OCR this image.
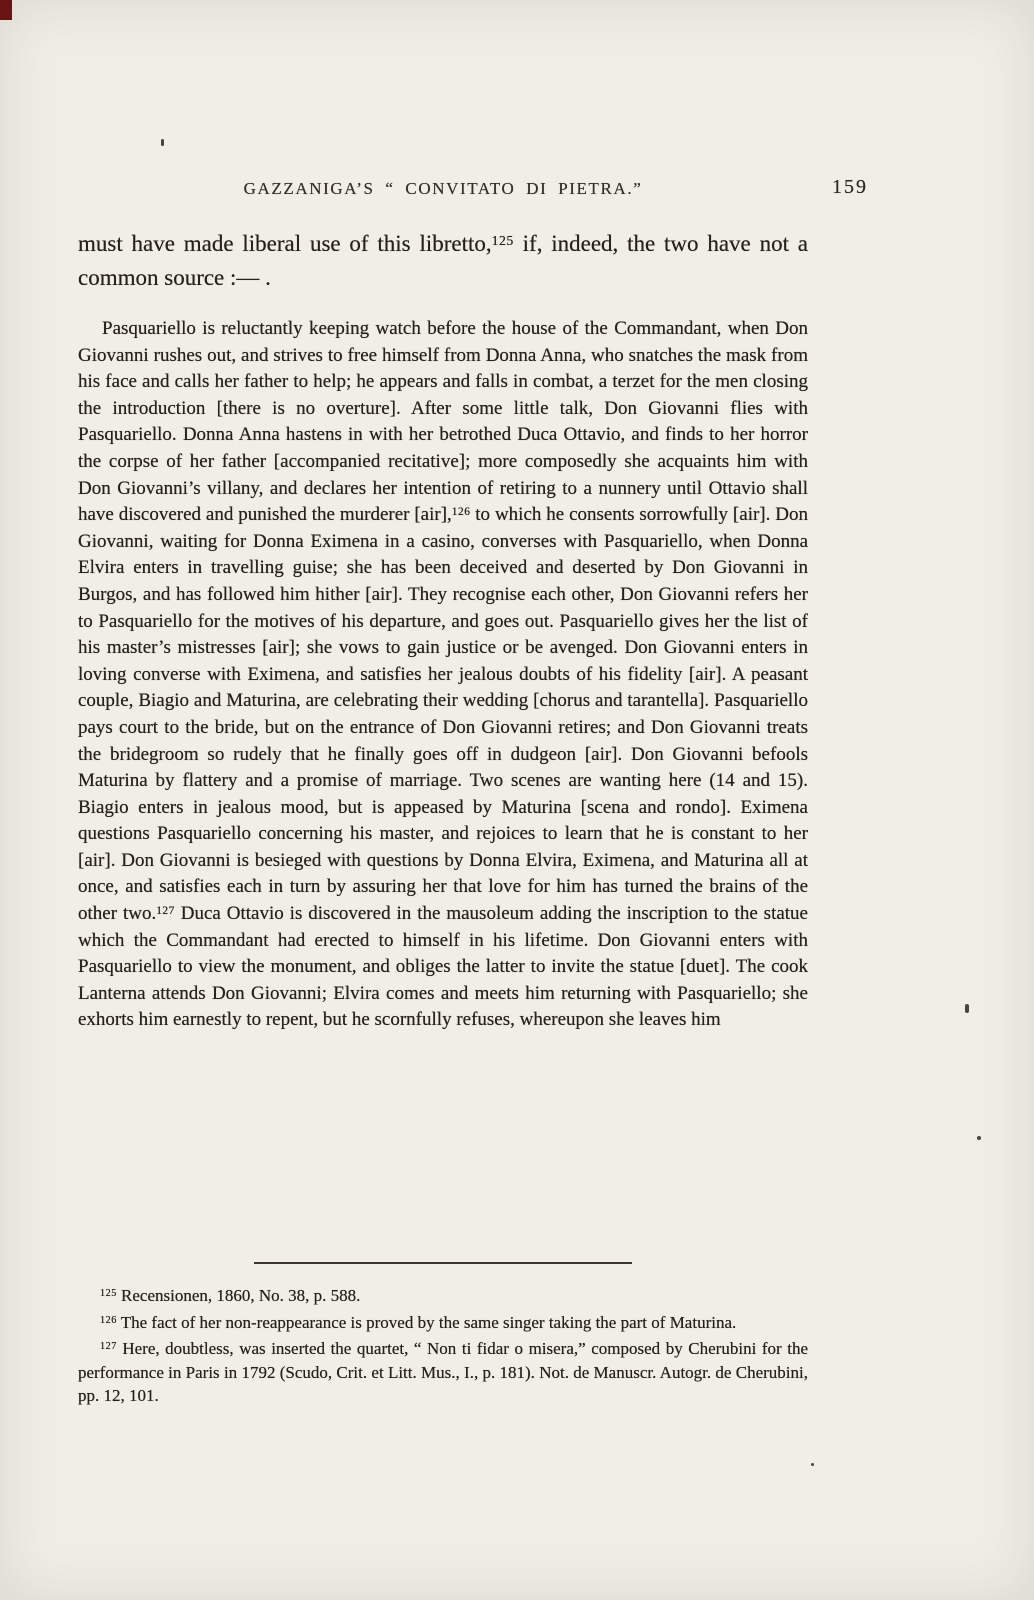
GAZZANIGA’S “ CONVITATO DI PIETRA.”	159

must have made liberal use of this libretto,$^{125}$ if, indeed, the two have not a common source :— .

Pasquariello is reluctantly keeping watch before the house of the Commandant, when Don Giovanni rushes out, and strives to free himself from Donna Anna, who snatches the mask from his face and calls her father to help; he appears and falls in combat, a terzet for the men closing the introduction [there is no overture]. After some little talk, Don Giovanni flies with Pasquariello. Donna Anna hastens in with her betrothed Duca Ottavio, and finds to her horror the corpse of her father [accompanied recitative]; more composedly she acquaints him with Don Giovanni’s villany, and declares her intention of retiring to a nunnery until Ottavio shall have discovered and punished the murderer [air],$^{126}$ to which he consents sorrowfully [air]. Don Giovanni, waiting for Donna Eximena in a casino, converses with Pasquariello, when Donna Elvira enters in travelling guise; she has been deceived and deserted by Don Giovanni in Burgos, and has followed him hither [air]. They recognise each other, Don Giovanni refers her to Pasquariello for the motives of his departure, and goes out. Pasquariello gives her the list of his master’s mistresses [air]; she vows to gain justice or be avenged. Don Giovanni enters in loving converse with Eximena, and satisfies her jealous doubts of his fidelity [air]. A peasant couple, Biagio and Maturina, are celebrating their wedding [chorus and tarantella]. Pasquariello pays court to the bride, but on the entrance of Don Giovanni retires; and Don Giovanni treats the bridegroom so rudely that he finally goes off in dudgeon [air]. Don Giovanni befools Maturina by flattery and a promise of marriage. Two scenes are wanting here (14 and 15). Biagio enters in jealous mood, but is appeased by Maturina [scena and rondo]. Eximena questions Pasquariello concerning his master, and rejoices to learn that he is constant to her [air]. Don Giovanni is besieged with questions by Donna Elvira, Eximena, and Maturina all at once, and satisfies each in turn by assuring her that love for him has turned the brains of the other two.$^{127}$ Duca Ottavio is discovered in the mausoleum adding the inscription to the statue which the Commandant had erected to himself in his lifetime. Don Giovanni enters with Pasquariello to view the monument, and obliges the latter to invite the statue [duet]. The cook Lanterna attends Don Giovanni; Elvira comes and meets him returning with Pasquariello; she exhorts him earnestly to repent, but he scornfully refuses, whereupon she leaves him

$^{125}$ Recensionen, 1860, No. 38, p. 588.

$^{126}$ The fact of her non-reappearance is proved by the same singer taking the part of Maturina.

$^{127}$ Here, doubtless, was inserted the quartet, “ Non ti fidar o misera,” composed by Cherubini for the performance in Paris in 1792 (Scudo, Crit. et Litt. Mus., I., p. 181). Not. de Manuscr. Autogr. de Cherubini, pp. 12, 101.
